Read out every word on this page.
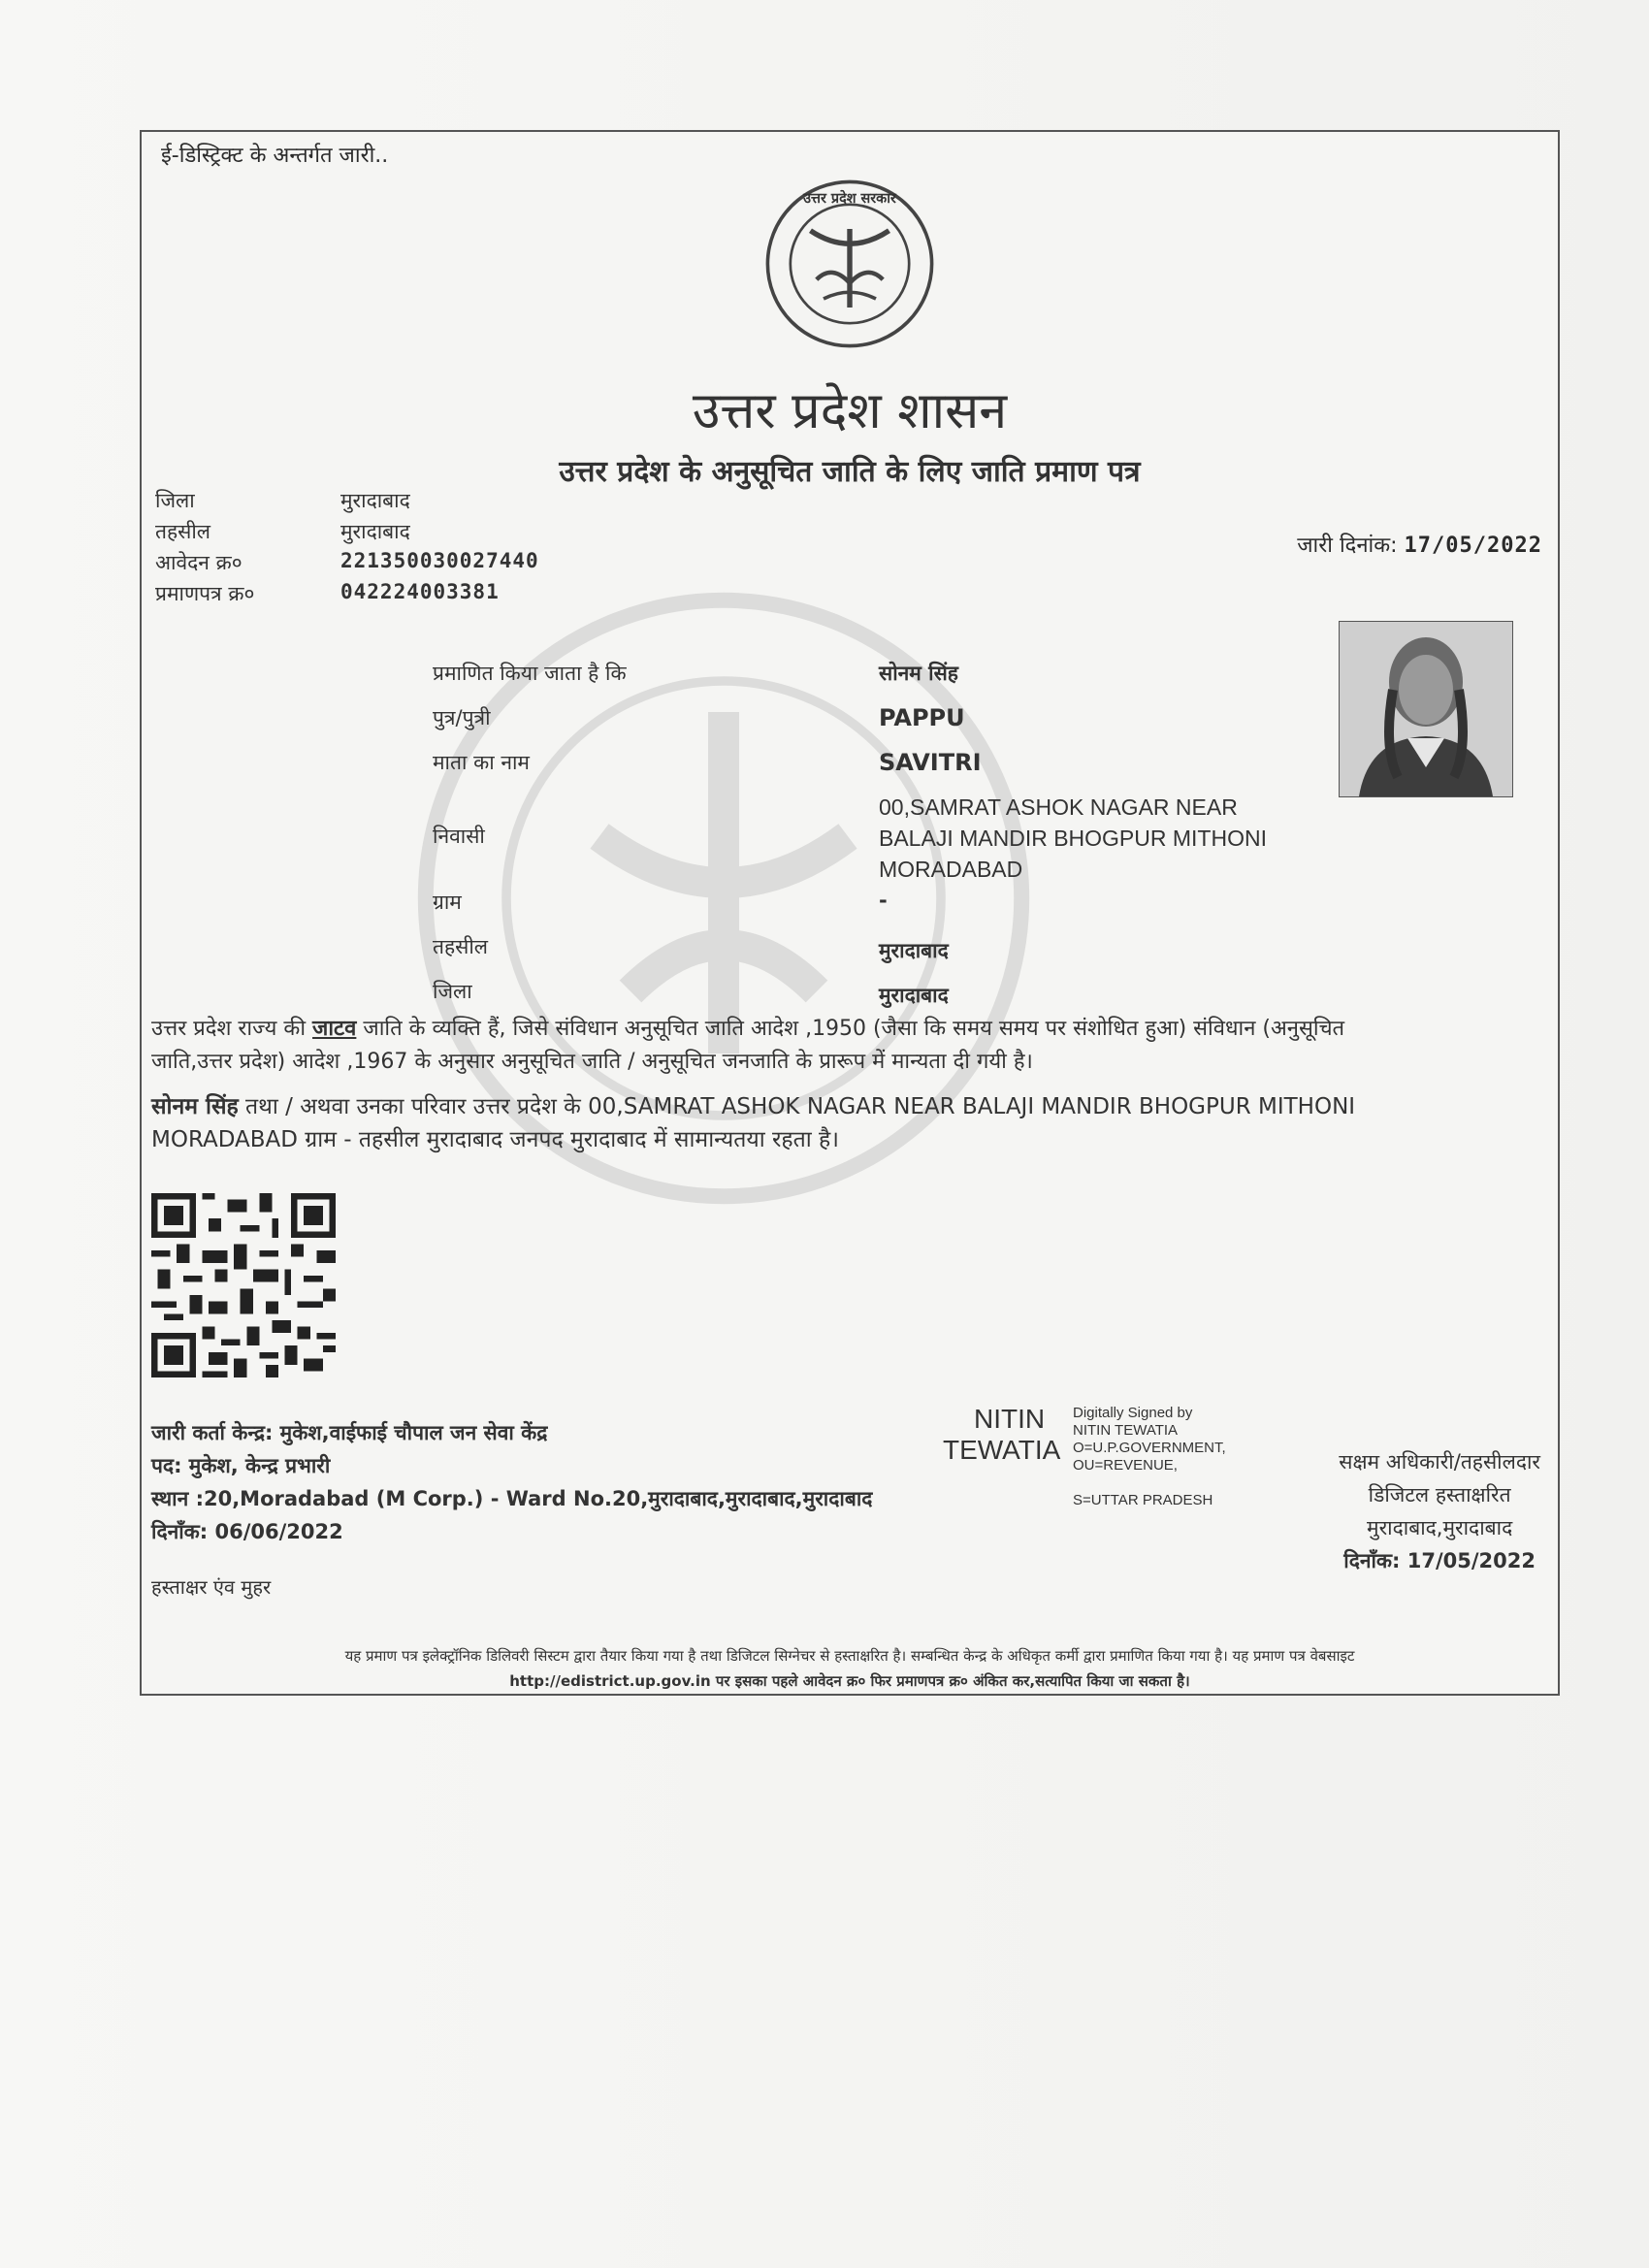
ई-डिस्ट्रिक्ट के अन्तर्गत जारी..
उत्तर प्रदेश सरकार
उत्तर प्रदेश शासन
उत्तर प्रदेश के अनुसूचित जाति के लिए जाति प्रमाण पत्र
जिला	मुरादाबाद
तहसील	मुरादाबाद
आवेदन क्र०	221350030027440
प्रमाणपत्र क्र०	042224003381
जारी दिनांक: 17/05/2022
प्रमाणित किया जाता है कि	सोनम सिंह
पुत्र/पुत्री	PAPPU
माता का नाम	SAVITRI
निवासी
00,SAMRAT ASHOK NAGAR NEAR
BALAJI MANDIR BHOGPUR MITHONI
MORADABAD
ग्राम	-
तहसील	मुरादाबाद
जिला	मुरादाबाद
उत्तर प्रदेश राज्य की जाटव जाति के व्यक्ति हैं, जिसे संविधान अनुसूचित जाति आदेश ,1950 (जैसा कि समय समय पर संशोधित हुआ) संविधान (अनुसूचित
जाति,उत्तर प्रदेश) आदेश ,1967 के अनुसार अनुसूचित जाति / अनुसूचित जनजाति के प्रारूप में मान्यता दी गयी है।
सोनम सिंह तथा / अथवा उनका परिवार उत्तर प्रदेश के 00,SAMRAT ASHOK NAGAR NEAR BALAJI MANDIR BHOGPUR MITHONI
MORADABAD ग्राम - तहसील मुरादाबाद जनपद मुरादाबाद में सामान्यतया रहता है।
जारी कर्ता केन्द्र: मुकेश,वाईफाई चौपाल जन सेवा केंद्र
पद: मुकेश, केन्द्र प्रभारी
स्थान :20,Moradabad (M Corp.) - Ward No.20,मुरादाबाद,मुरादाबाद,मुरादाबाद
दिनाँक: 06/06/2022
हस्ताक्षर एंव मुहर
NITIN
TEWATIA
Digitally Signed by
NITIN TEWATIA
O=U.P.GOVERNMENT,
OU=REVENUE,
S=UTTAR PRADESH
सक्षम अधिकारी/तहसीलदार
डिजिटल हस्ताक्षरित
मुरादाबाद,मुरादाबाद
दिनाँक: 17/05/2022
यह प्रमाण पत्र इलेक्ट्रॉनिक डिलिवरी सिस्टम द्वारा तैयार किया गया है तथा डिजिटल सिग्नेचर से हस्ताक्षरित है। सम्बन्धित केन्द्र के अधिकृत कर्मी द्वारा प्रमाणित किया गया है। यह प्रमाण पत्र वेबसाइट
http://edistrict.up.gov.in पर इसका पहले आवेदन क्र० फिर प्रमाणपत्र क्र० अंकित कर,सत्यापित किया जा सकता है।
